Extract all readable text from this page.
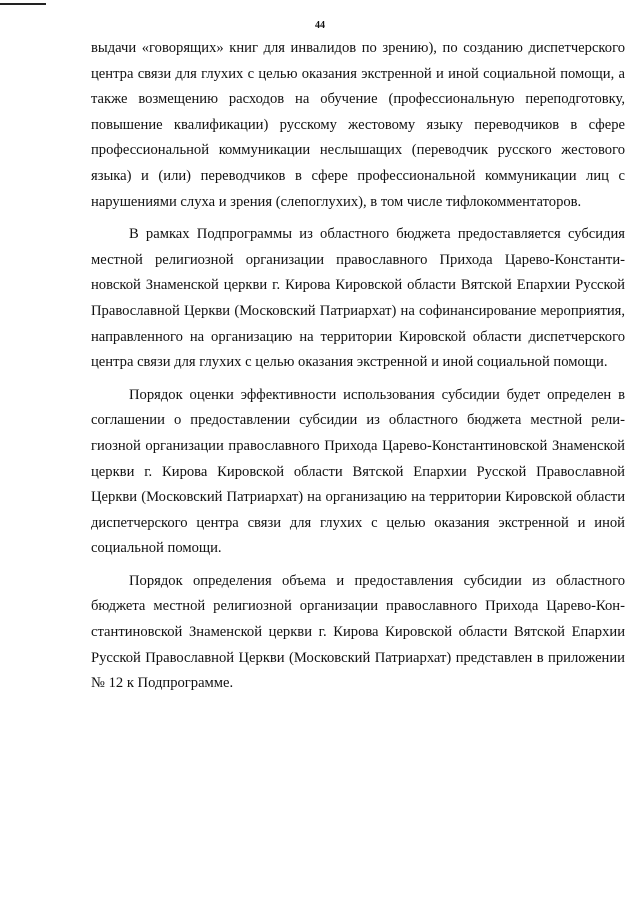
44

выдачи «говорящих» книг для инвалидов по зрению), по созданию диспетчерского центра связи для глухих с целью оказания экстренной и иной социальной помощи, а также возмещению расходов на обучение (профессиональную переподготовку, повышение квалификации) русскому жестовому языку переводчиков в сфере профессиональной коммуникации неслышащих (переводчик русского жестового языка) и (или) переводчиков в сфере профессиональной коммуникации лиц с нарушениями слуха и зрения (слепоглухих), в том числе тифлокомментаторов.

В рамках Подпрограммы из областного бюджета предоставляется субсидия местной религиозной организации православного Прихода Царево-Константиновской Знаменской церкви г. Кирова Кировской области Вятской Епархии Русской Православной Церкви (Московский Патриархат) на софинансирование мероприятия, направленного на организацию на территории Кировской области диспетчерского центра связи для глухих с целью оказания экстренной и иной социальной помощи.

Порядок оценки эффективности использования субсидии будет определен в соглашении о предоставлении субсидии из областного бюджета местной религиозной организации православного Прихода Царево-Константиновской Знаменской церкви г. Кирова Кировской области Вятской Епархии Русской Православной Церкви (Московский Патриархат) на организацию на территории Кировской области диспетчерского центра связи для глухих с целью оказания экстренной и иной социальной помощи.

Порядок определения объема и предоставления субсидии из областного бюджета местной религиозной организации православного Прихода Царево-Константиновской Знаменской церкви г. Кирова Кировской области Вятской Епархии Русской Православной Церкви (Московский Патриархат) представлен в приложении № 12 к Подпрограмме.
